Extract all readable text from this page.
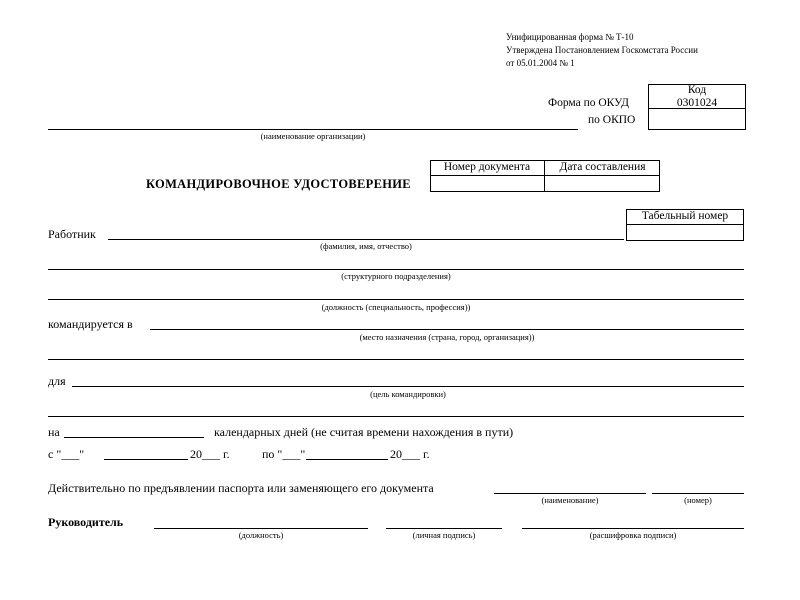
Унифицированная форма № Т-10
Утверждена Постановлением Госкомстата России
от 05.01.2004 № 1
Код
0301024
Форма по ОКУД
по ОКПО
(наименование организации)
Номер документа	Дата составления
КОМАНДИРОВОЧНОЕ УДОСТОВЕРЕНИЕ
Табельный номер
Работник
(фамилия, имя, отчество)
(структурного подразделения)
(должность (специальность, профессия))
командируется в
(место назначения (страна, город, организация))
для
(цель командировки)
на	календарных дней (не считая времени нахождения в пути)
с "___"	20___ г.	по "___"	20___ г.
Действительно по предъявлении паспорта или заменяющего его документа
(наименование)	(номер)
Руководитель
(должность)	(личная подпись)	(расшифровка подписи)
